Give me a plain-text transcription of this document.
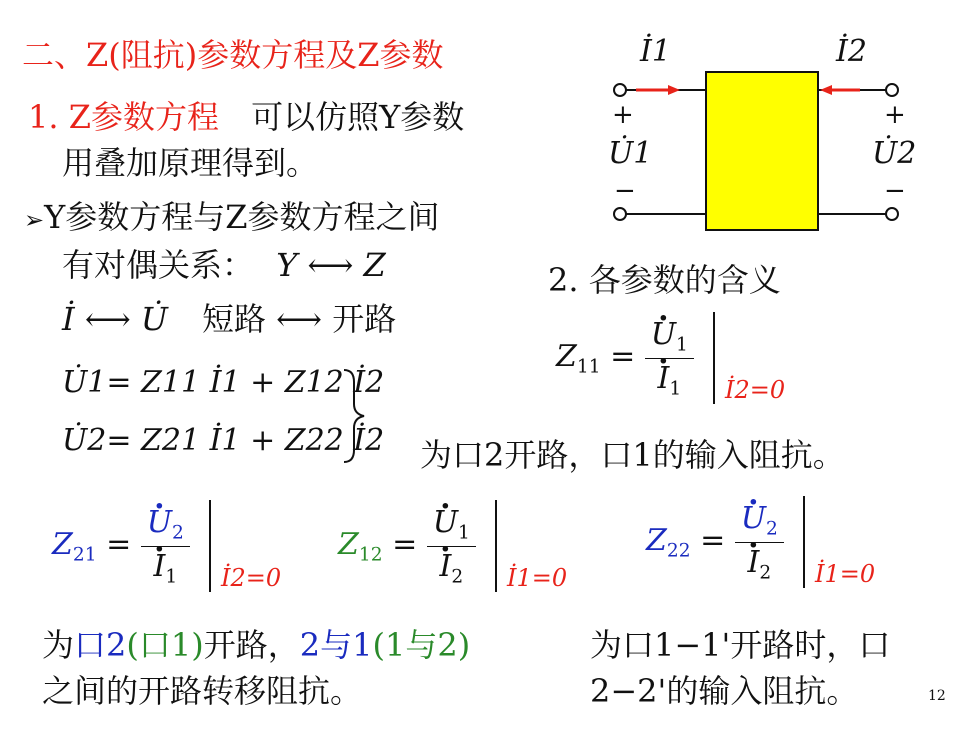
二、Z(阻抗)参数方程及Z参数
1. Z参数方程 可以仿照Y参数
用叠加原理得到。
➢Y参数方程与Z参数方程之间
有对偶关系： Y ⟷ Z
İ ⟷ U̇ 短路 ⟷ 开路
U̇1= Z11 İ1 + Z12 İ2
U̇2= Z21 İ1 + Z22 İ2
2. 各参数的含义
$Z_{11}$ = · $U_1$
· $I_1$ İ2=0
为口2开路，口1的输入阻抗。
$Z_{21}$ = · $U_2$
· $I_1$ İ2=0
$Z_{12}$ = · $U_1$
· $I_2$ İ1=0
$Z_{22}$ = · $U_2$
· $I_2$ İ1=0
为口2(口1)开路，2与1(1与2)
之间的开路转移阻抗。
为口1−1'开路时，口
2−2'的输入阻抗。	12
İ1	İ2
+	+
U̇1	U̇2
−	−
